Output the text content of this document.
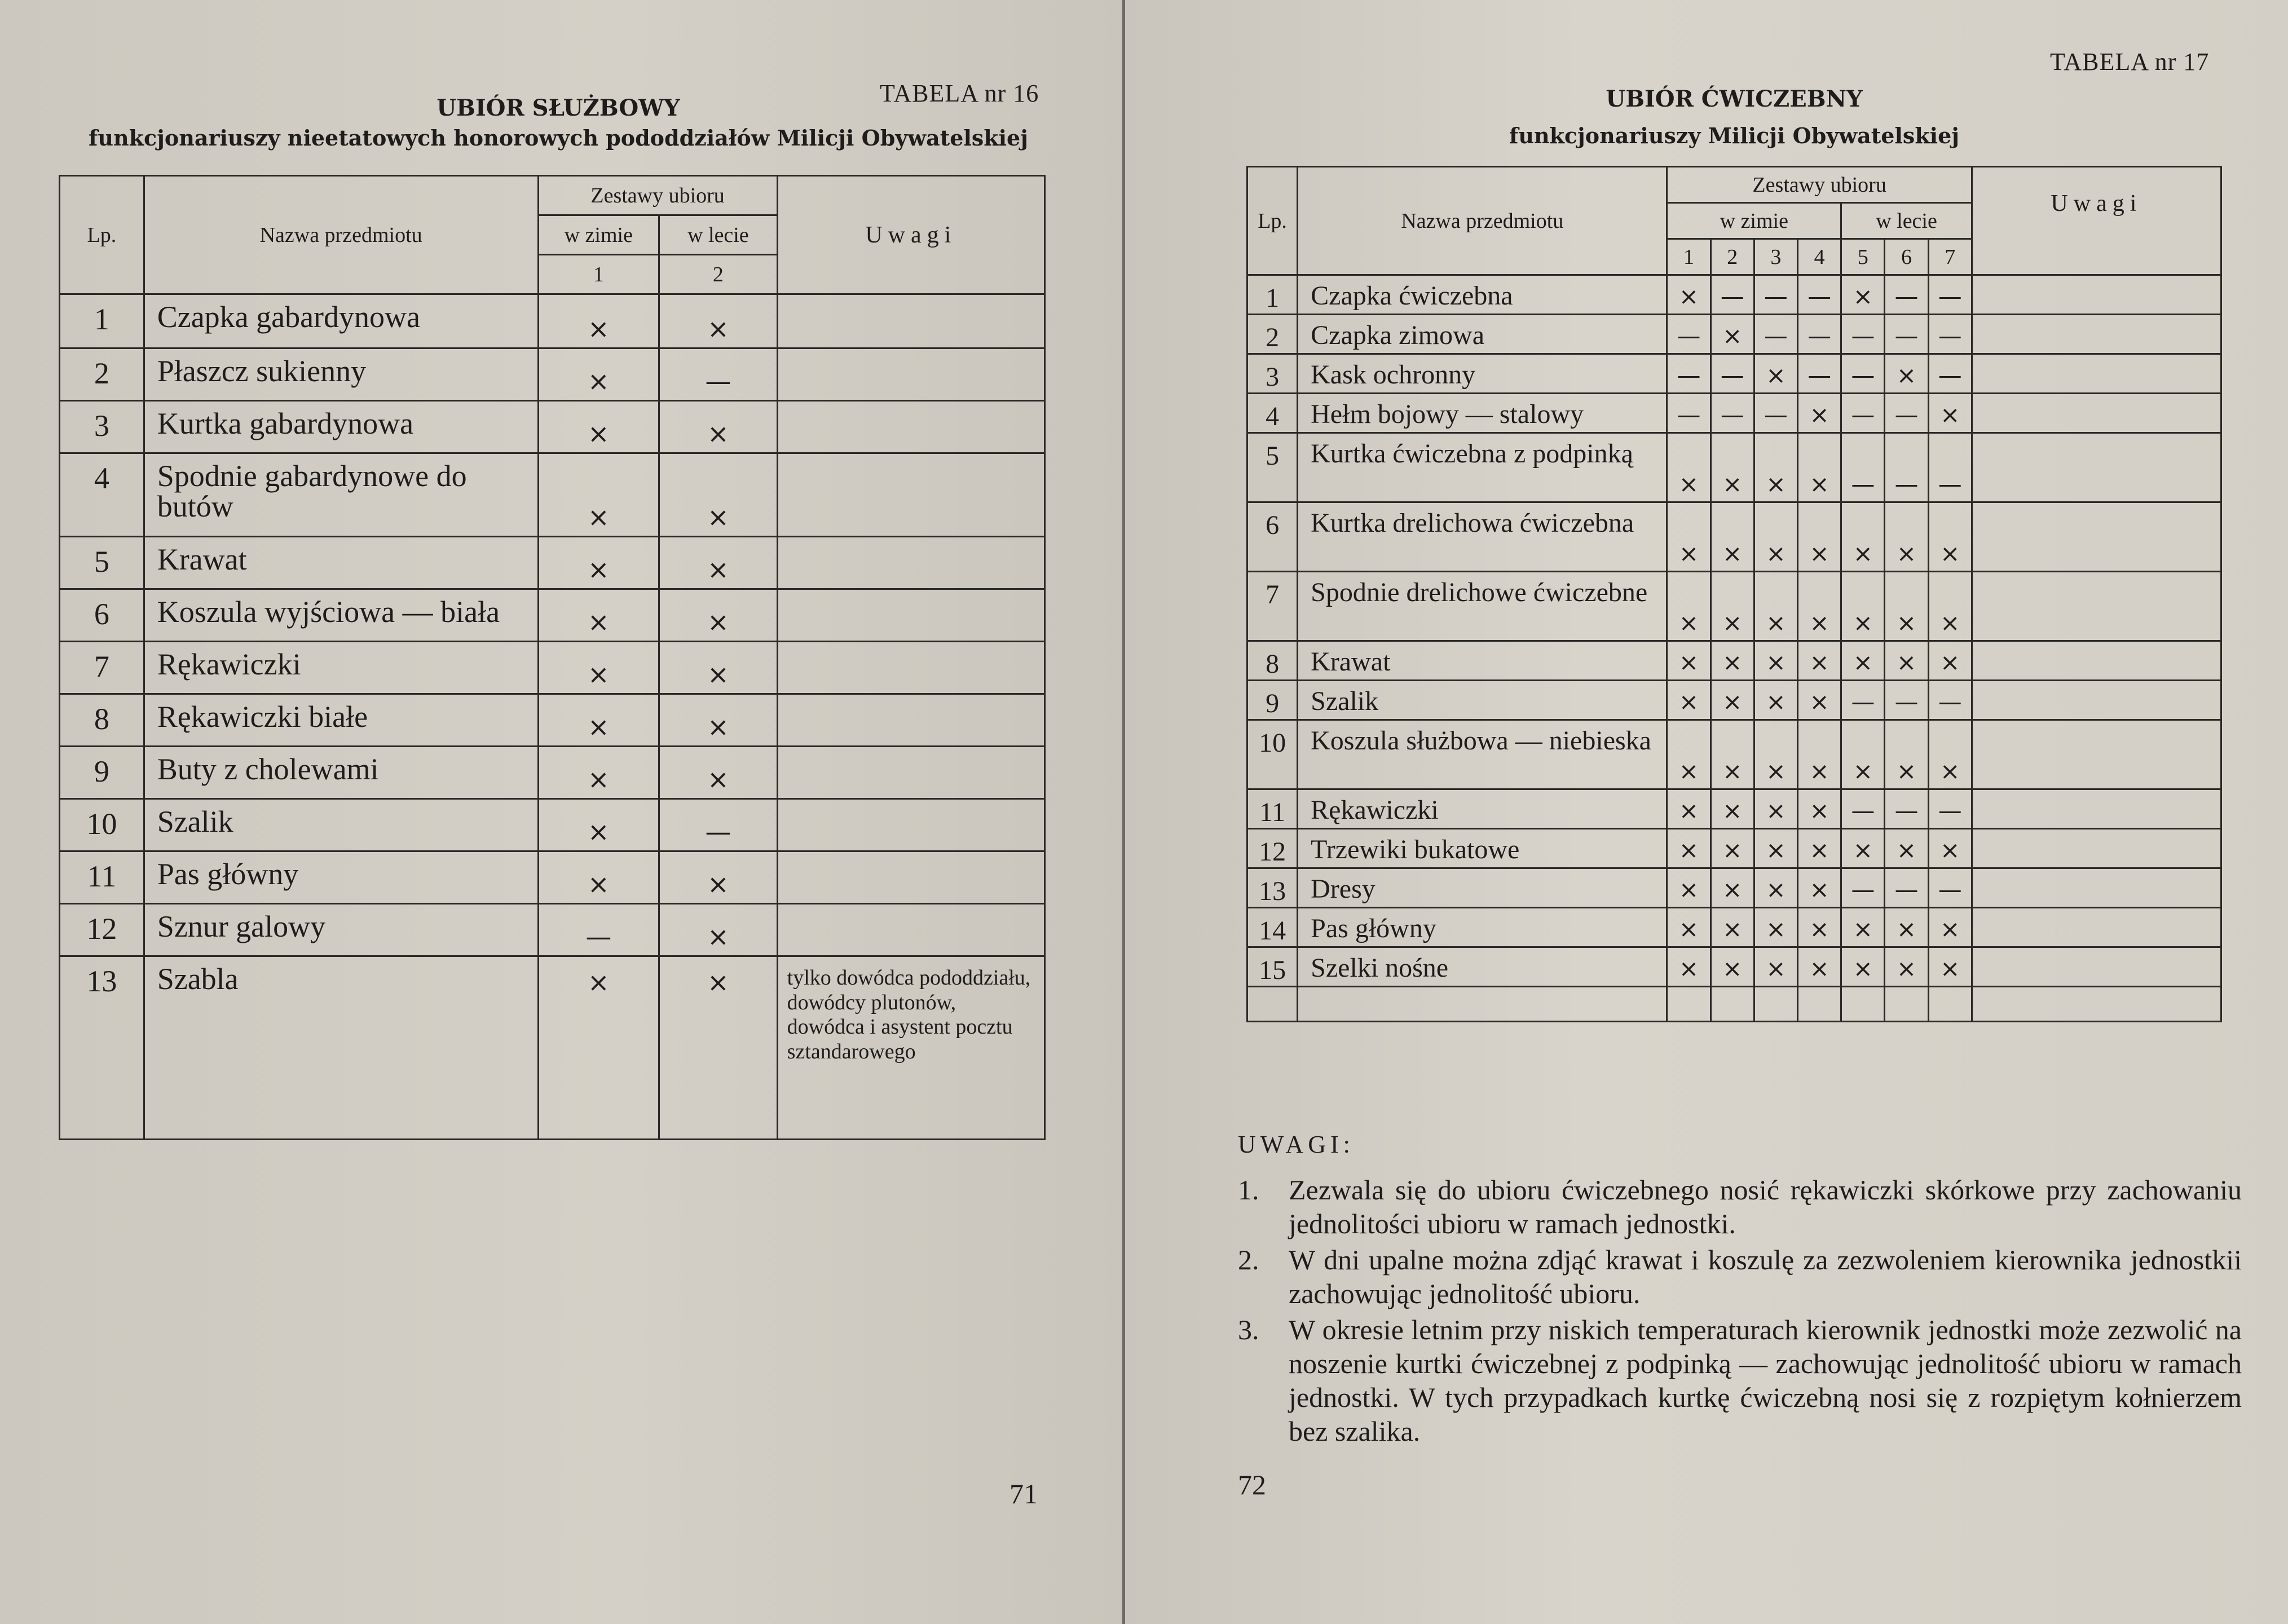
TABELA nr 16
UBIÓR SŁUŻBOWY
funkcjonariuszy nieetatowych honorowych pododdziałów Milicji Obywatelskiej
Lp.	Nazwa przedmiotu	Zestawy ubioru		Uwagi
		w zimie	w lecie	
		1	2	
1	Czapka gabardynowa	×	×	
2	Płaszcz sukienny	×	—	
3	Kurtka gabardynowa	×	×	
4	Spodnie gabardynowe do butów	×	×	
5	Krawat	×	×	
6	Koszula wyjściowa — biała	×	×	
7	Rękawiczki	×	×	
8	Rękawiczki białe	×	×	
9	Buty z cholewami	×	×	
10	Szalik	×	—	
11	Pas główny	×	×	
12	Sznur galowy	—	×	
13	Szabla	×	×	tylko dowódca pododdziału, dowódcy plutonów, dowódca i asystent pocztu sztandarowego
71
TABELA nr 17
UBIÓR ĆWICZEBNY
funkcjonariuszy Milicji Obywatelskiej
Lp.	Nazwa przedmiotu	Zestawy ubioru							Uwagi
		w zimie				w lecie			
		1	2	3	4	5	6	7	
1	Czapka ćwiczebna	×	—	—	—	×	—	—	
2	Czapka zimowa	—	×	—	—	—	—	—	
3	Kask ochronny	—	—	×	—	—	×	—	
4	Hełm bojowy — stalowy	—	—	—	×	—	—	×	
5	Kurtka ćwiczebna z podpinką	×	×	×	×	—	—	—	
6	Kurtka drelichowa ćwiczebna	×	×	×	×	×	×	×	
7	Spodnie drelichowe ćwiczebne	×	×	×	×	×	×	×	
8	Krawat	×	×	×	×	×	×	×	
9	Szalik	×	×	×	×	—	—	—	
10	Koszula służbowa — niebieska	×	×	×	×	×	×	×	
11	Rękawiczki	×	×	×	×	—	—	—	
12	Trzewiki bukatowe	×	×	×	×	×	×	×	
13	Dresy	×	×	×	×	—	—	—	
14	Pas główny	×	×	×	×	×	×	×	
15	Szelki nośne	×	×	×	×	×	×	×	

UWAGI:
1.	Zezwala się do ubioru ćwiczebnego nosić rękawiczki skórkowe przy zachowaniu jednolitości ubioru w ramach jednostki.
2.	W dni upalne można zdjąć krawat i koszulę za zezwoleniem kierownika jednostkii zachowując jednolitość ubioru.
3.	W okresie letnim przy niskich temperaturach kierownik jednostki może zezwolić na noszenie kurtki ćwiczebnej z podpinką — zachowując jednolitość ubioru w ramach jednostki. W tych przypadkach kurtkę ćwiczebną nosi się z rozpiętym kołnierzem bez szalika.
72
